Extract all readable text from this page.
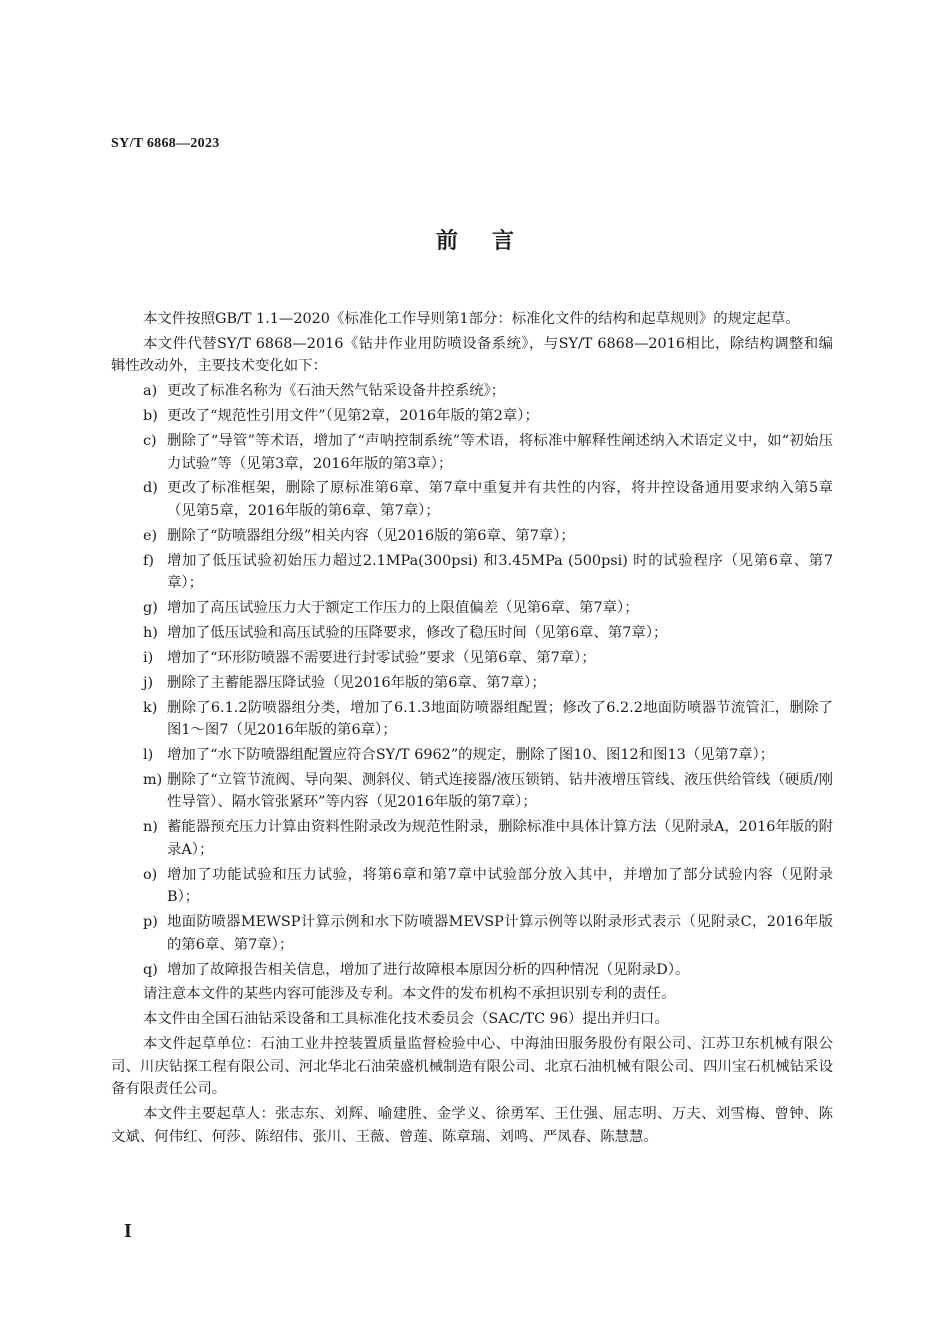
SY/T 6868—2023
前言

本文件按照GB/T 1.1—2020《标准化工作导则第1部分：标准化文件的结构和起草规则》的规定起草。

本文件代替SY/T 6868—2016《钻井作业用防喷设备系统》，与SY/T 6868—2016相比，除结构调整和编辑性改动外，主要技术变化如下：

a) 更改了标准名称为《石油天然气钻采设备井控系统》；
b) 更改了“规范性引用文件”（见第2章，2016年版的第2章）；
c) 删除了“导管”等术语，增加了“声呐控制系统”等术语，将标准中解释性阐述纳入术语定义中，如“初始压力试验”等（见第3章，2016年版的第3章）；
d) 更改了标准框架，删除了原标准第6章、第7章中重复并有共性的内容，将井控设备通用要求纳入第5章（见第5章，2016年版的第6章、第7章）；
e) 删除了“防喷器组分级”相关内容（见2016版的第6章、第7章）；
f) 增加了低压试验初始压力超过2.1MPa(300psi) 和3.45MPa (500psi) 时的试验程序（见第6章、第7章）；
g) 增加了高压试验压力大于额定工作压力的上限值偏差（见第6章、第7章）；
h) 增加了低压试验和高压试验的压降要求，修改了稳压时间（见第6章、第7章）；
i) 增加了“环形防喷器不需要进行封零试验”要求（见第6章、第7章）；
j) 删除了主蓄能器压降试验（见2016年版的第6章、第7章）；
k) 删除了6.1.2防喷器组分类，增加了6.1.3地面防喷器组配置；修改了6.2.2地面防喷器节流管汇，删除了图1～图7（见2016年版的第6章）；
l) 增加了“水下防喷器组配置应符合SY/T 6962”的规定，删除了图10、图12和图13（见第7章）；
m) 删除了“立管节流阀、导向架、测斜仪、销式连接器/液压锁销、钻井液增压管线、液压供给管线（硬质/刚性导管）、隔水管张紧环”等内容（见2016年版的第7章）；
n) 蓄能器预充压力计算由资料性附录改为规范性附录，删除标准中具体计算方法（见附录A，2016年版的附录A）；
o) 增加了功能试验和压力试验，将第6章和第7章中试验部分放入其中，并增加了部分试验内容（见附录B）；
p) 地面防喷器MEWSP计算示例和水下防喷器MEVSP计算示例等以附录形式表示（见附录C，2016年版的第6章、第7章）；
q) 增加了故障报告相关信息，增加了进行故障根本原因分析的四种情况（见附录D）。

请注意本文件的某些内容可能涉及专利。本文件的发布机构不承担识别专利的责任。

本文件由全国石油钻采设备和工具标准化技术委员会（SAC/TC 96）提出并归口。

本文件起草单位：石油工业井控装置质量监督检验中心、中海油田服务股份有限公司、江苏卫东机械有限公司、川庆钻探工程有限公司、河北华北石油荣盛机械制造有限公司、北京石油机械有限公司、四川宝石机械钻采设备有限责任公司。

本文件主要起草人：张志东、刘辉、喻建胜、金学义、徐勇军、王仕强、屈志明、万夫、刘雪梅、曾钟、陈文斌、何伟红、何莎、陈绍伟、张川、王薇、曾莲、陈章瑞、刘鸣、严凤春、陈慧慧。

I
